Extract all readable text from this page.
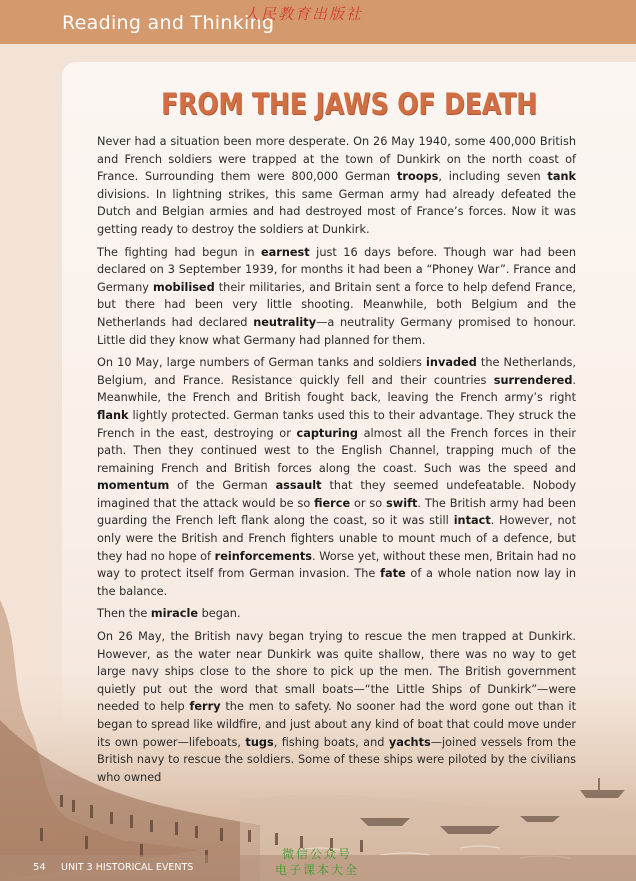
Reading and Thinking
人民教育出版社
FROM THE JAWS OF DEATH

Never had a situation been more desperate. On 26 May 1940, some 400,000 British and French soldiers were trapped at the town of Dunkirk on the north coast of France. Surrounding them were 800,000 German troops, including seven tank divisions. In lightning strikes, this same German army had already defeated the Dutch and Belgian armies and had destroyed most of France’s forces. Now it was getting ready to destroy the soldiers at Dunkirk.

The fighting had begun in earnest just 16 days before. Though war had been declared on 3 September 1939, for months it had been a “Phoney War”. France and Germany mobilised their militaries, and Britain sent a force to help defend France, but there had been very little shooting. Meanwhile, both Belgium and the Netherlands had declared neutrality—a neutrality Germany promised to honour. Little did they know what Germany had planned for them.

On 10 May, large numbers of German tanks and soldiers invaded the Netherlands, Belgium, and France. Resistance quickly fell and their countries surrendered. Meanwhile, the French and British fought back, leaving the French army’s right flank lightly protected. German tanks used this to their advantage. They struck the French in the east, destroying or capturing almost all the French forces in their path. Then they continued west to the English Channel, trapping much of the remaining French and British forces along the coast. Such was the speed and momentum of the German assault that they seemed undefeatable. Nobody imagined that the attack would be so fierce or so swift. The British army had been guarding the French left flank along the coast, so it was still intact. However, not only were the British and French fighters unable to mount much of a defence, but they had no hope of reinforcements. Worse yet, without these men, Britain had no way to protect itself from German invasion. The fate of a whole nation now lay in the balance.

Then the miracle began.

On 26 May, the British navy began trying to rescue the men trapped at Dunkirk. However, as the water near Dunkirk was quite shallow, there was no way to get large navy ships close to the shore to pick up the men. The British government quietly put out the word that small boats—“the Little Ships of Dunkirk”—were needed to help ferry the men to safety. No sooner had the word gone out than it began to spread like wildfire, and just about any kind of boat that could move under its own power—lifeboats, tugs, fishing boats, and yachts—joined vessels from the British navy to rescue the soldiers. Some of these ships were piloted by the civilians who owned

54 UNIT 3 HISTORICAL EVENTS
微信公众号
电子课本大全
